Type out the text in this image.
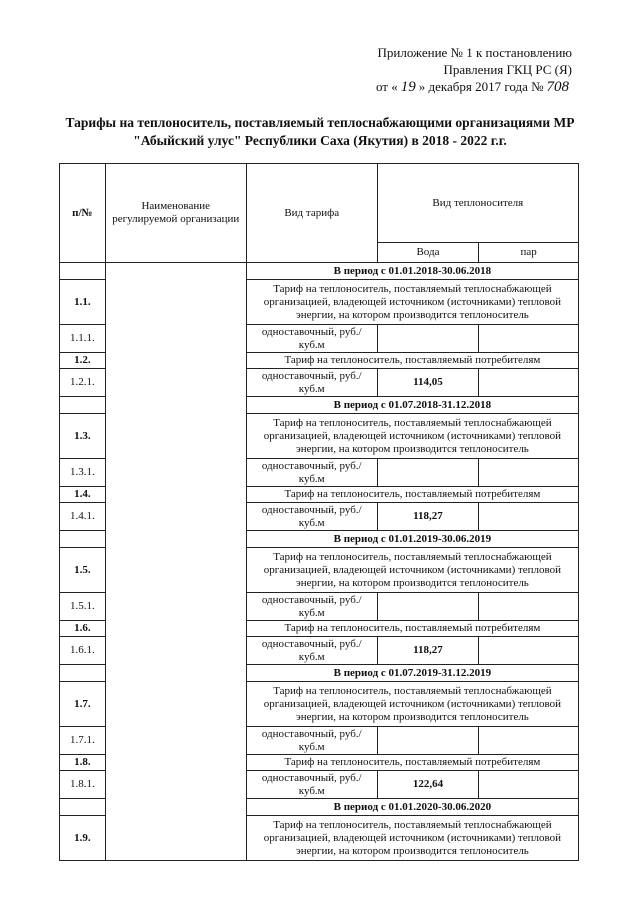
Приложение № 1 к постановлению
Правления ГКЦ РС (Я)
от « 19 » декабря 2017 года № 708
Тарифы на теплоноситель, поставляемый теплоснабжающими организациями МР
"Абыйский улус" Республики Саха (Якутия) в 2018 - 2022 г.г.
п/№	Наименование регулируемой организации	Вид тарифа	Вид теплоносителя	
			Вода	пар
		В период с 01.01.2018-30.06.2018		
1.1.		Тариф на теплоноситель, поставляемый теплоснабжающей организацией, владеющей источником (источниками) тепловой энергии, на котором производится теплоноситель		
1.1.1.		одноставочный, руб./куб.м		
1.2.		Тариф на теплоноситель, поставляемый потребителям		
1.2.1.		одноставочный, руб./куб.м	114,05	
		В период с 01.07.2018-31.12.2018		
1.3.		Тариф на теплоноситель, поставляемый теплоснабжающей организацией, владеющей источником (источниками) тепловой энергии, на котором производится теплоноситель		
1.3.1.		одноставочный, руб./куб.м		
1.4.		Тариф на теплоноситель, поставляемый потребителям		
1.4.1.		одноставочный, руб./куб.м	118,27	
		В период с 01.01.2019-30.06.2019		
1.5.		Тариф на теплоноситель, поставляемый теплоснабжающей организацией, владеющей источником (источниками) тепловой энергии, на котором производится теплоноситель		
1.5.1.		одноставочный, руб./куб.м		
1.6.		Тариф на теплоноситель, поставляемый потребителям		
1.6.1.		одноставочный, руб./куб.м	118,27	
		В период с 01.07.2019-31.12.2019		
1.7.		Тариф на теплоноситель, поставляемый теплоснабжающей организацией, владеющей источником (источниками) тепловой энергии, на котором производится теплоноситель		
1.7.1.		одноставочный, руб./куб.м		
1.8.		Тариф на теплоноситель, поставляемый потребителям		
1.8.1.		одноставочный, руб./куб.м	122,64	
		В период с 01.01.2020-30.06.2020		
1.9.		Тариф на теплоноситель, поставляемый теплоснабжающей организацией, владеющей источником (источниками) тепловой энергии, на котором производится теплоноситель		
